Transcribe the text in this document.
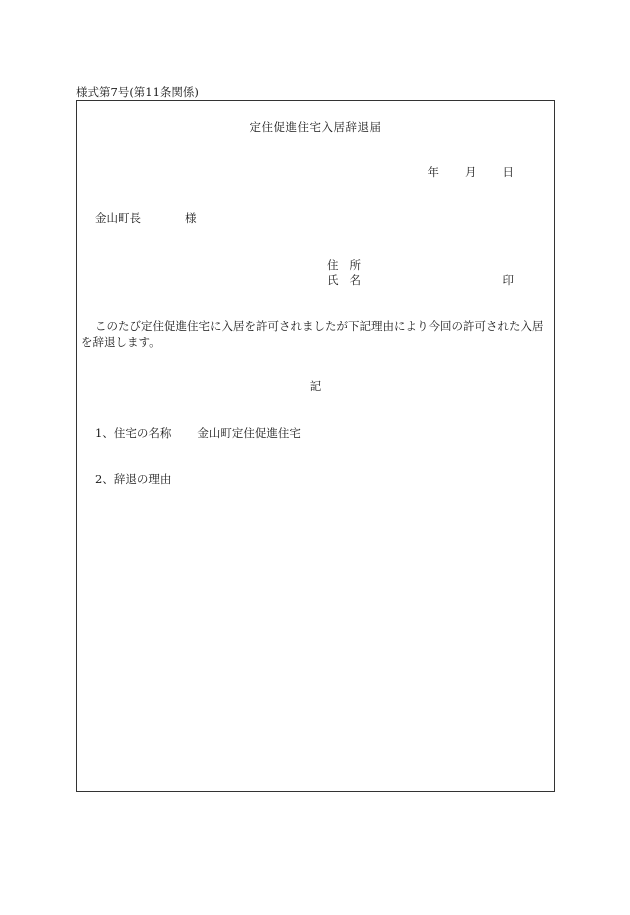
様式第7号(第11条関係)
定住促進住宅入居辞退届
年 月 日
金山町長	様
住 所
氏 名	印
このたび定住促進住宅に入居を許可されましたが下記理由により今回の許可された入居を辞退します。
記
1、住宅の名称 金山町定住促進住宅
2、辞退の理由
